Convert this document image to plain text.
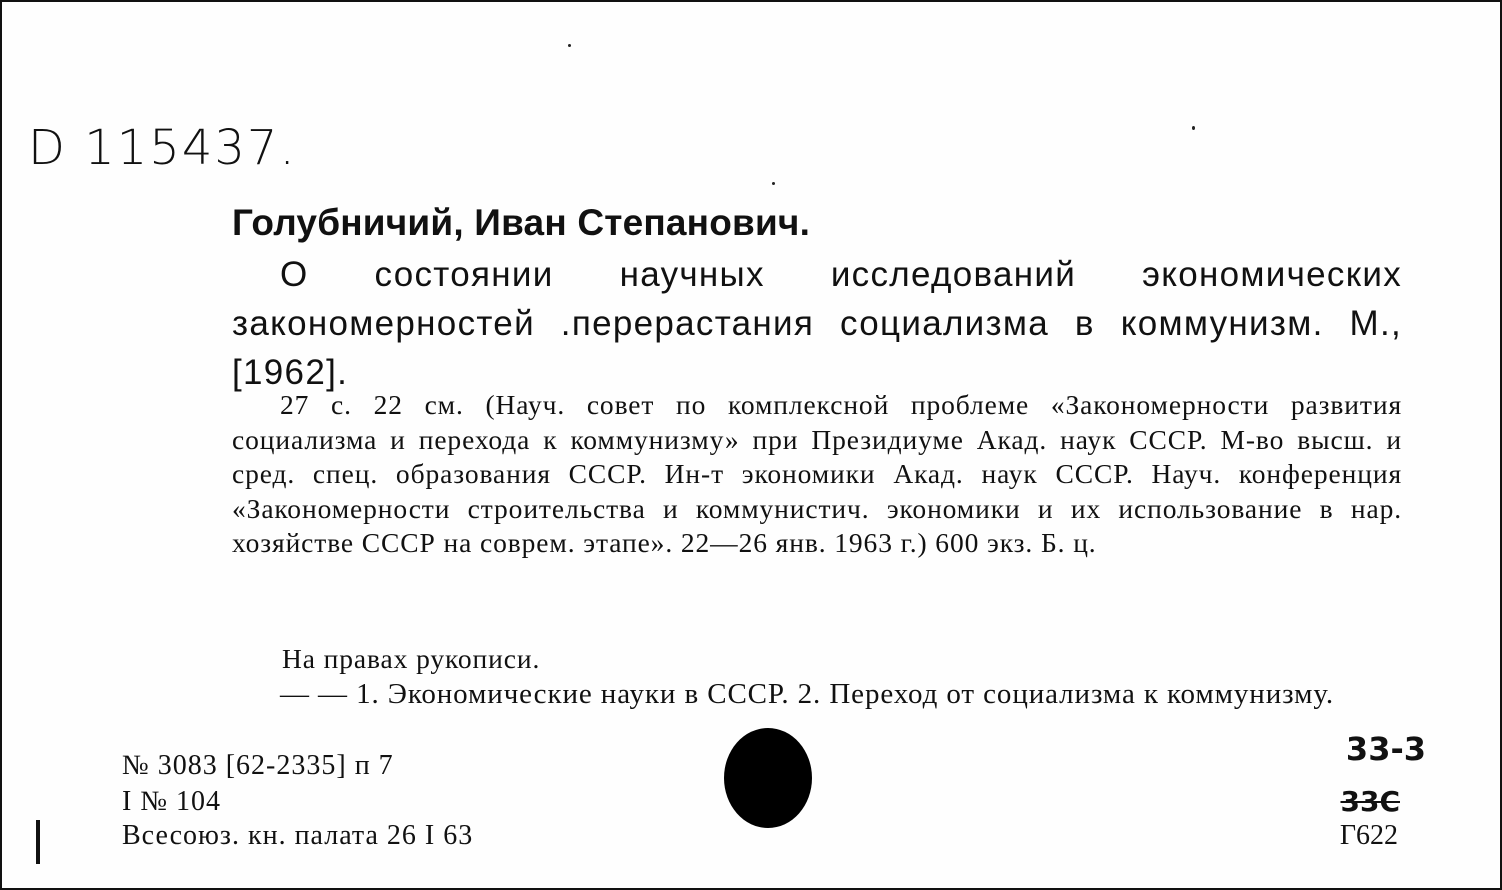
D 115437.
Голубничий, Иван Степанович.
О состоянии научных исследований экономических закономерностей .перерастания социализма в коммунизм. М., [1962].
27 с. 22 см. (Науч. совет по комплексной проблеме «Закономерности развития социализма и перехода к коммунизму» при Президиуме Акад. наук СССР. М-во высш. и сред. спец. образования СССР. Ин-т экономики Акад. наук СССР. Науч. конференция «Закономерности строительства и коммунистич. экономики и их использование в нар. хозяйстве СССР на соврем. этапе». 22—26 янв. 1963 г.) 600 экз. Б. ц.
На правах рукописи.
— — 1. Экономические науки в СССР. 2. Переход от социализма к коммунизму.
№ 3083 [62-2335] п 7
I № 104
Всесоюз. кн. палата 26 I 63
33-3
33С
Г622
